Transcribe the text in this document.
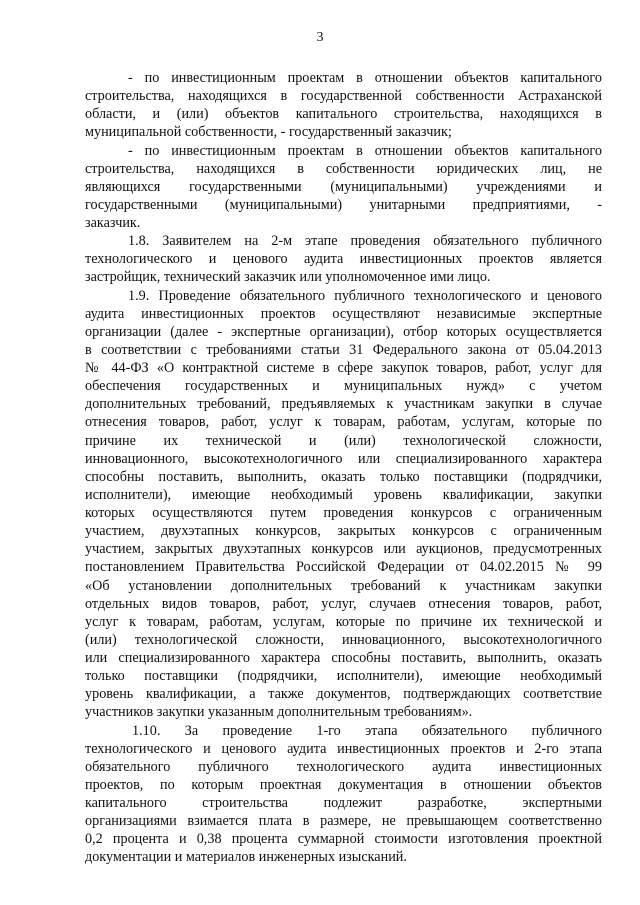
3
- по инвестиционным проектам в отношении объектов капитального
строительства, находящихся в государственной собственности Астраханской
области, и (или) объектов капитального строительства, находящихся в
муниципальной собственности, - государственный заказчик;
- по инвестиционным проектам в отношении объектов капитального
строительства, находящихся в собственности юридических лиц, не
являющихся государственными (муниципальными) учреждениями и
государственными (муниципальными) унитарными предприятиями, -
заказчик.
1.8. Заявителем на 2-м этапе проведения обязательного публичного
технологического и ценового аудита инвестиционных проектов является
застройщик, технический заказчик или уполномоченное ими лицо.
1.9. Проведение обязательного публичного технологического и ценового
аудита инвестиционных проектов осуществляют независимые экспертные
организации (далее - экспертные организации), отбор которых осуществляется
в соответствии с требованиями статьи 31 Федерального закона от 05.04.2013
№ 44-ФЗ «О контрактной системе в сфере закупок товаров, работ, услуг для
обеспечения государственных и муниципальных нужд» с учетом
дополнительных требований, предъявляемых к участникам закупки в случае
отнесения товаров, работ, услуг к товарам, работам, услугам, которые по
причине их технической и (или) технологической сложности,
инновационного, высокотехнологичного или специализированного характера
способны поставить, выполнить, оказать только поставщики (подрядчики,
исполнители), имеющие необходимый уровень квалификации, закупки
которых осуществляются путем проведения конкурсов с ограниченным
участием, двухэтапных конкурсов, закрытых конкурсов с ограниченным
участием, закрытых двухэтапных конкурсов или аукционов, предусмотренных
постановлением Правительства Российской Федерации от 04.02.2015 № 99
«Об установлении дополнительных требований к участникам закупки
отдельных видов товаров, работ, услуг, случаев отнесения товаров, работ,
услуг к товарам, работам, услугам, которые по причине их технической и
(или) технологической сложности, инновационного, высокотехнологичного
или специализированного характера способны поставить, выполнить, оказать
только поставщики (подрядчики, исполнители), имеющие необходимый
уровень квалификации, а также документов, подтверждающих соответствие
участников закупки указанным дополнительным требованиям».
1.10. За проведение 1-го этапа обязательного публичного
технологического и ценового аудита инвестиционных проектов и 2-го этапа
обязательного публичного технологического аудита инвестиционных
проектов, по которым проектная документация в отношении объектов
капитального строительства подлежит разработке, экспертными
организациями взимается плата в размере, не превышающем соответственно
0,2 процента и 0,38 процента суммарной стоимости изготовления проектной
документации и материалов инженерных изысканий.
